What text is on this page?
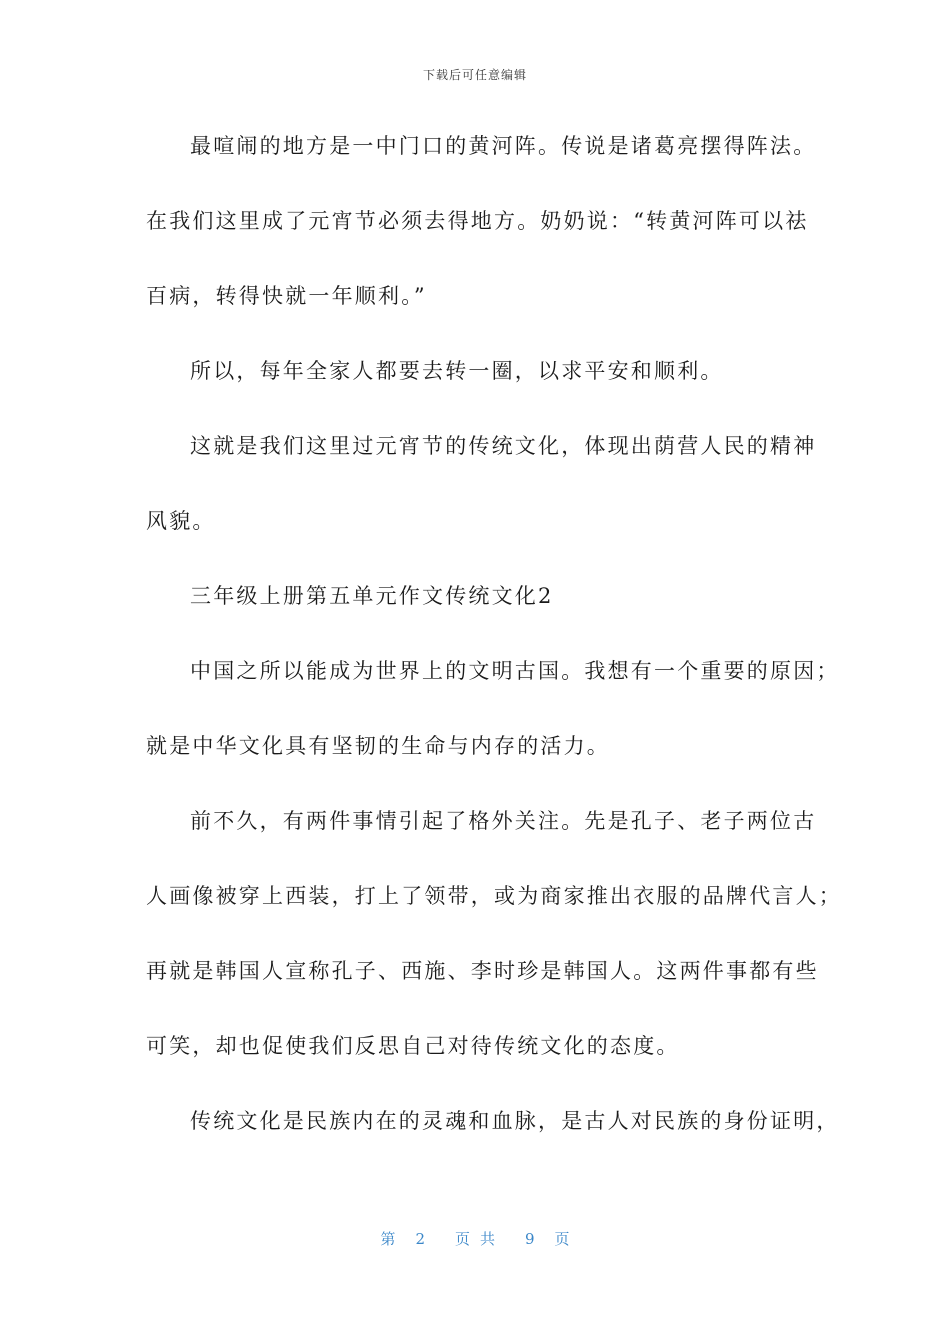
下载后可任意编辑
最喧闹的地方是一中门口的黄河阵。传说是诸葛亮摆得阵法。
在我们这里成了元宵节必须去得地方。奶奶说：“转黄河阵可以祛
百病，转得快就一年顺利。”
所以，每年全家人都要去转一圈，以求平安和顺利。
这就是我们这里过元宵节的传统文化，体现出荫营人民的精神
风貌。
三年级上册第五单元作文传统文化2
中国之所以能成为世界上的文明古国。我想有一个重要的原因；
就是中华文化具有坚韧的生命与内存的活力。
前不久，有两件事情引起了格外关注。先是孔子、老子两位古
人画像被穿上西装，打上了领带，或为商家推出衣服的品牌代言人；
再就是韩国人宣称孔子、西施、李时珍是韩国人。这两件事都有些
可笑，却也促使我们反思自己对待传统文化的态度。
传统文化是民族内在的灵魂和血脉，是古人对民族的身份证明，
第 2 页共 9 页
